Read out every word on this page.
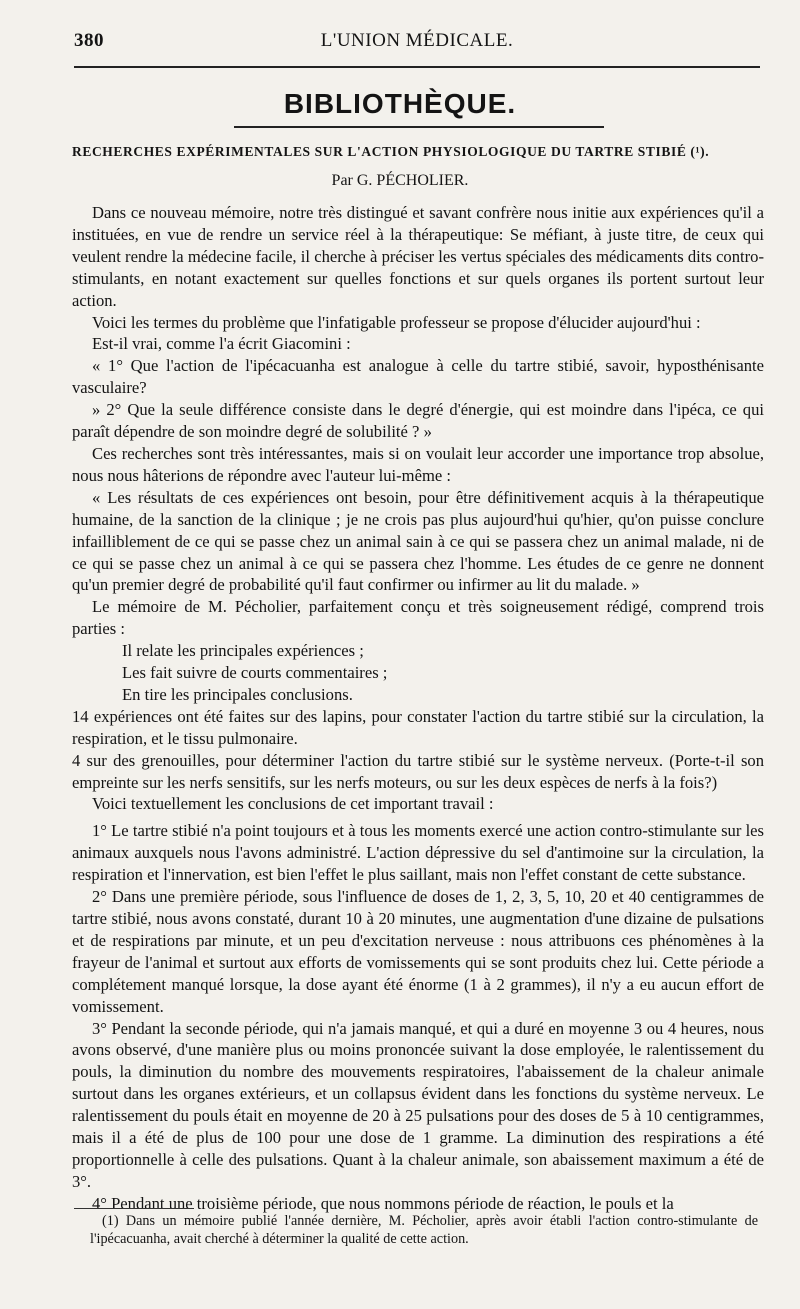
380	L'UNION MÉDICALE.
BIBLIOTHÈQUE.
RECHERCHES EXPÉRIMENTALES SUR L'ACTION PHYSIOLOGIQUE DU TARTRE STIBIÉ (¹).
Par G. PÉCHOLIER.

Dans ce nouveau mémoire, notre très distingué et savant confrère nous initie aux expériences qu'il a instituées, en vue de rendre un service réel à la thérapeutique: Se méfiant, à juste titre, de ceux qui veulent rendre la médecine facile, il cherche à préciser les vertus spéciales des médicaments dits contro-stimulants, en notant exactement sur quelles fonctions et sur quels organes ils portent surtout leur action.

Voici les termes du problème que l'infatigable professeur se propose d'élucider aujourd'hui :

Est-il vrai, comme l'a écrit Giacomini :

« 1° Que l'action de l'ipécacuanha est analogue à celle du tartre stibié, savoir, hyposthénisante vasculaire?

» 2° Que la seule différence consiste dans le degré d'énergie, qui est moindre dans l'ipéca, ce qui paraît dépendre de son moindre degré de solubilité ? »

Ces recherches sont très intéressantes, mais si on voulait leur accorder une importance trop absolue, nous nous hâterions de répondre avec l'auteur lui-même :

« Les résultats de ces expériences ont besoin, pour être définitivement acquis à la thérapeutique humaine, de la sanction de la clinique ; je ne crois pas plus aujourd'hui qu'hier, qu'on puisse conclure infailliblement de ce qui se passe chez un animal sain à ce qui se passera chez un animal malade, ni de ce qui se passe chez un animal à ce qui se passera chez l'homme. Les études de ce genre ne donnent qu'un premier degré de probabilité qu'il faut confirmer ou infirmer au lit du malade. »

Le mémoire de M. Pécholier, parfaitement conçu et très soigneusement rédigé, comprend trois parties :

Il relate les principales expériences ;

Les fait suivre de courts commentaires ;

En tire les principales conclusions.

14 expériences ont été faites sur des lapins, pour constater l'action du tartre stibié sur la circulation, la respiration, et le tissu pulmonaire.

4 sur des grenouilles, pour déterminer l'action du tartre stibié sur le système nerveux. (Porte-t-il son empreinte sur les nerfs sensitifs, sur les nerfs moteurs, ou sur les deux espèces de nerfs à la fois?)

Voici textuellement les conclusions de cet important travail :

1° Le tartre stibié n'a point toujours et à tous les moments exercé une action contro-stimulante sur les animaux auxquels nous l'avons administré. L'action dépressive du sel d'antimoine sur la circulation, la respiration et l'innervation, est bien l'effet le plus saillant, mais non l'effet constant de cette substance.

2° Dans une première période, sous l'influence de doses de 1, 2, 3, 5, 10, 20 et 40 centigrammes de tartre stibié, nous avons constaté, durant 10 à 20 minutes, une augmentation d'une dizaine de pulsations et de respirations par minute, et un peu d'excitation nerveuse : nous attribuons ces phénomènes à la frayeur de l'animal et surtout aux efforts de vomissements qui se sont produits chez lui. Cette période a complétement manqué lorsque, la dose ayant été énorme (1 à 2 grammes), il n'y a eu aucun effort de vomissement.

3° Pendant la seconde période, qui n'a jamais manqué, et qui a duré en moyenne 3 ou 4 heures, nous avons observé, d'une manière plus ou moins prononcée suivant la dose employée, le ralentissement du pouls, la diminution du nombre des mouvements respiratoires, l'abaissement de la chaleur animale surtout dans les organes extérieurs, et un collapsus évident dans les fonctions du système nerveux. Le ralentissement du pouls était en moyenne de 20 à 25 pulsations pour des doses de 5 à 10 centigrammes, mais il a été de plus de 100 pour une dose de 1 gramme. La diminution des respirations a été proportionnelle à celle des pulsations. Quant à la chaleur animale, son abaissement maximum a été de 3°.

4° Pendant une troisième période, que nous nommons période de réaction, le pouls et la

(1) Dans un mémoire publié l'année dernière, M. Pécholier, après avoir établi l'action contro-stimulante de l'ipécacuanha, avait cherché à déterminer la qualité de cette action.
